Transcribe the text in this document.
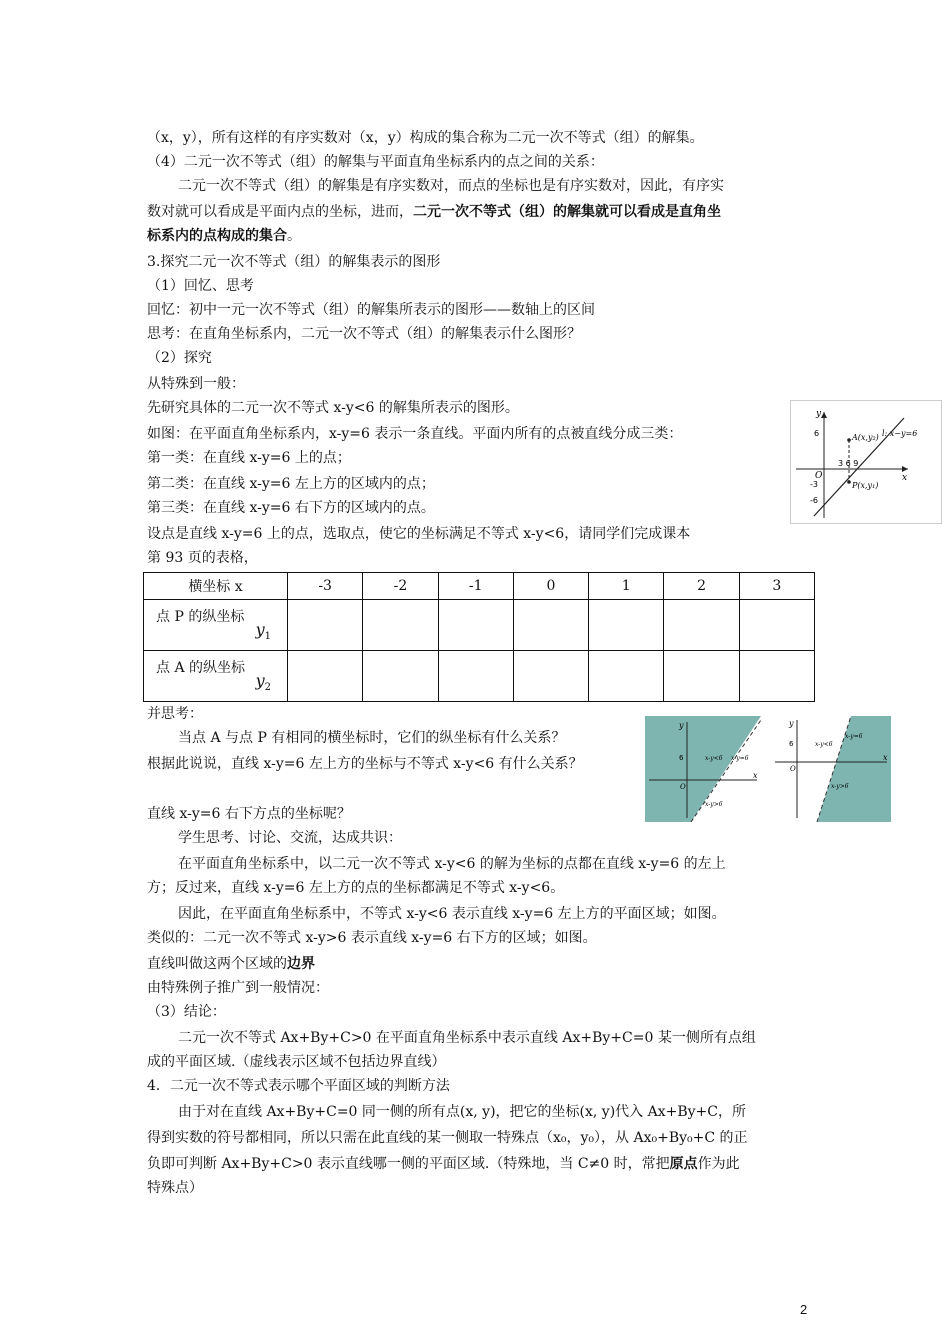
（x，y），所有这样的有序实数对（x，y）构成的集合称为二元一次不等式（组）的解集。
（4）二元一次不等式（组）的解集与平面直角坐标系内的点之间的关系：
二元一次不等式（组）的解集是有序实数对，而点的坐标也是有序实数对，因此，有序实
数对就可以看成是平面内点的坐标，进而，二元一次不等式（组）的解集就可以看成是直角坐
标系内的点构成的集合。
3.探究二元一次不等式（组）的解集表示的图形
（1）回忆、思考
回忆：初中一元一次不等式（组）的解集所表示的图形——数轴上的区间
思考：在直角坐标系内，二元一次不等式（组）的解集表示什么图形？
（2）探究
从特殊到一般：
先研究具体的二元一次不等式 x-y<6 的解集所表示的图形。
如图：在平面直角坐标系内，x-y=6 表示一条直线。平面内所有的点被直线分成三类：
第一类：在直线 x-y=6 上的点；
第二类：在直线 x-y=6 左上方的区域内的点；
第三类：在直线 x-y=6 右下方的区域内的点。
设点是直线 x-y=6 上的点，选取点，使它的坐标满足不等式 x-y<6，请同学们完成课本
第 93 页的表格，
y
x
O
6
-3
-6
3 6 9
l: x−y=6
A(x,y₂)
P(x,y₁)
横坐标 x	-3	-2	-1	0	1	2	3

点 P 的纵坐标
$y_1$

点 A 的纵坐标
$y_2$

并思考：
当点 A 与点 P 有相同的横坐标时，它们的纵坐标有什么关系？
根据此说说，直线 x-y=6 左上方的坐标与不等式 x-y<6 有什么关系？
y
x
O
6	x-y<6 x-y=6
x-y>6
y
x
O
6
x-y=6
x-y<6
x-y>6
直线 x-y=6 右下方点的坐标呢？
学生思考、讨论、交流，达成共识：
在平面直角坐标系中，以二元一次不等式 x-y<6 的解为坐标的点都在直线 x-y=6 的左上
方；反过来，直线 x-y=6 左上方的点的坐标都满足不等式 x-y<6。
因此，在平面直角坐标系中，不等式 x-y<6 表示直线 x-y=6 左上方的平面区域；如图。
类似的：二元一次不等式 x-y>6 表示直线 x-y=6 右下方的区域；如图。
直线叫做这两个区域的边界
由特殊例子推广到一般情况：
（3）结论：
二元一次不等式 Ax+By+C>0 在平面直角坐标系中表示直线 Ax+By+C=0 某一侧所有点组
成的平面区域.（虚线表示区域不包括边界直线）
4．二元一次不等式表示哪个平面区域的判断方法
由于对在直线 Ax+By+C=0 同一侧的所有点(x, y)，把它的坐标(x, y)代入 Ax+By+C，所
得到实数的符号都相同，所以只需在此直线的某一侧取一特殊点（x₀，y₀），从 Ax₀+By₀+C 的正
负即可判断 Ax+By+C>0 表示直线哪一侧的平面区域.（特殊地，当 C≠0 时，常把原点作为此
特殊点）
2
